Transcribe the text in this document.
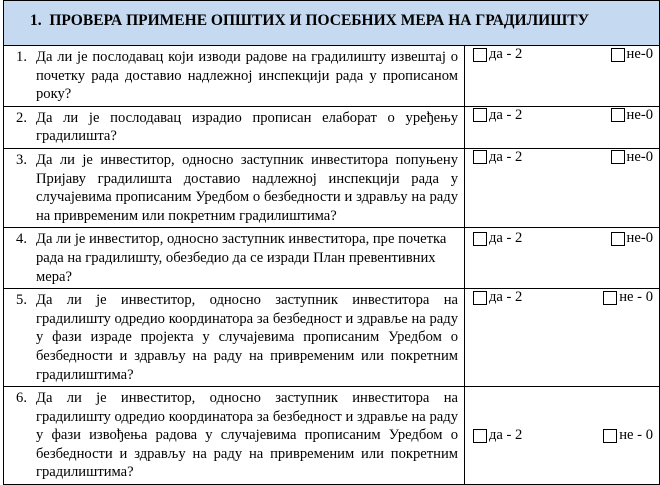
1. ПРОВЕРА ПРИМЕНЕ ОПШТИХ И ПОСЕБНИХ МЕРА НА ГРАДИЛИШТУ	

1. Да ли је послодавац који изводи радове на градилишту извештај о почетку рада доставио надлежној инспекцији рада у прописаном року?	да - 2 не-0

2. Да ли је послодавац израдио прописан елаборат о уређењу градилишта?	да - 2 не-0

3. Да ли је инвеститор, односно заступник инвеститора попуњену Пријаву градилишта доставио надлежној инспекцији рада у случајевима прописаним Уредбом о безбедности и здрављу на раду на привременим или покретним градилиштима?	да - 2 не-0

4. Да ли је инвеститор, односно заступник инвеститора, пре почетка рада на градилишту, обезбедио да се изради План превентивних мера?	да - 2 не-0

5. Да ли је инвеститор, односно заступник инвеститора на градилишту одредио координатора за безбедност и здравље на раду у фази израде пројекта у случајевима прописаним Уредбом о безбедности и здрављу на раду на привременим или покретним градилиштима?	да - 2 не - 0

6. Да ли је инвеститор, односно заступник инвеститора на градилишту одредио координатора за безбедност и здравље на раду у фази извођења радова у случајевима прописаним Уредбом о безбедности и здрављу на раду на привременим или покретним градилиштима?	да - 2 не - 0
